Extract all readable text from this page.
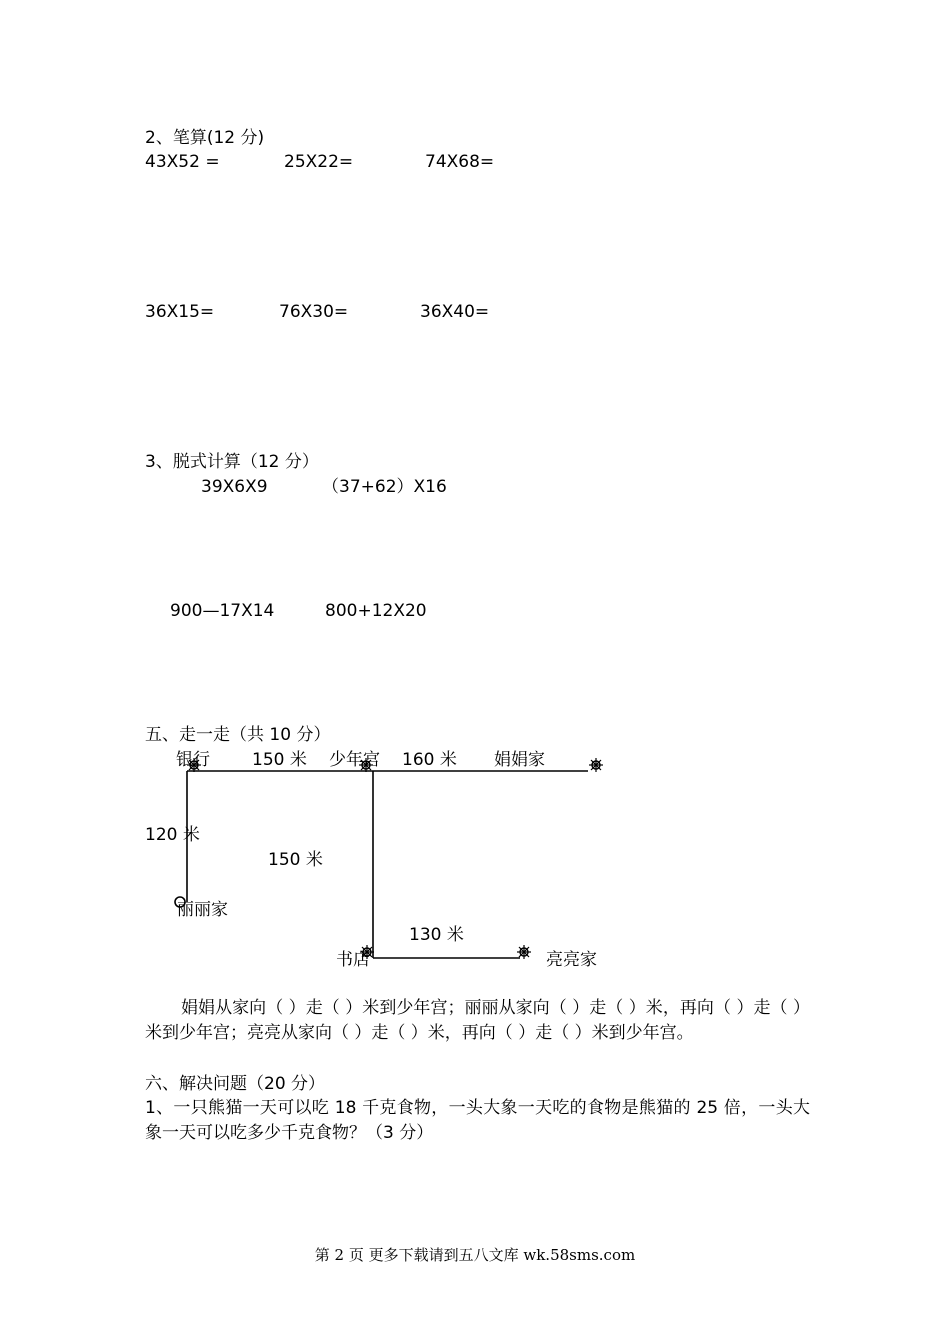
2、笔算(12 分)
43X52 =	25X22=	74X68=
36X15=	76X30=	36X40=
3、脱式计算（12 分）
39X6X9	（37+62）X16
900—17X14	800+12X20
五、走一走（共 10 分）
银行 150 米 少年宫 160 米 娟娟家
120 米
150 米
丽丽家
130 米
书店	亮亮家
娟娟从家向（ ）走（ ）米到少年宫；丽丽从家向（ ）走（ ）米，再向（ ）走（ ）米到少年宫；亮亮从家向（ ）走（ ）米，再向（ ）走（ ）米到少年宫。
六、解决问题（20 分）
1、一只熊猫一天可以吃 18 千克食物，一头大象一天吃的食物是熊猫的 25 倍，一头大象一天可以吃多少千克食物？（3 分）
第 2 页 更多下载请到五八文库 wk.58sms.com
